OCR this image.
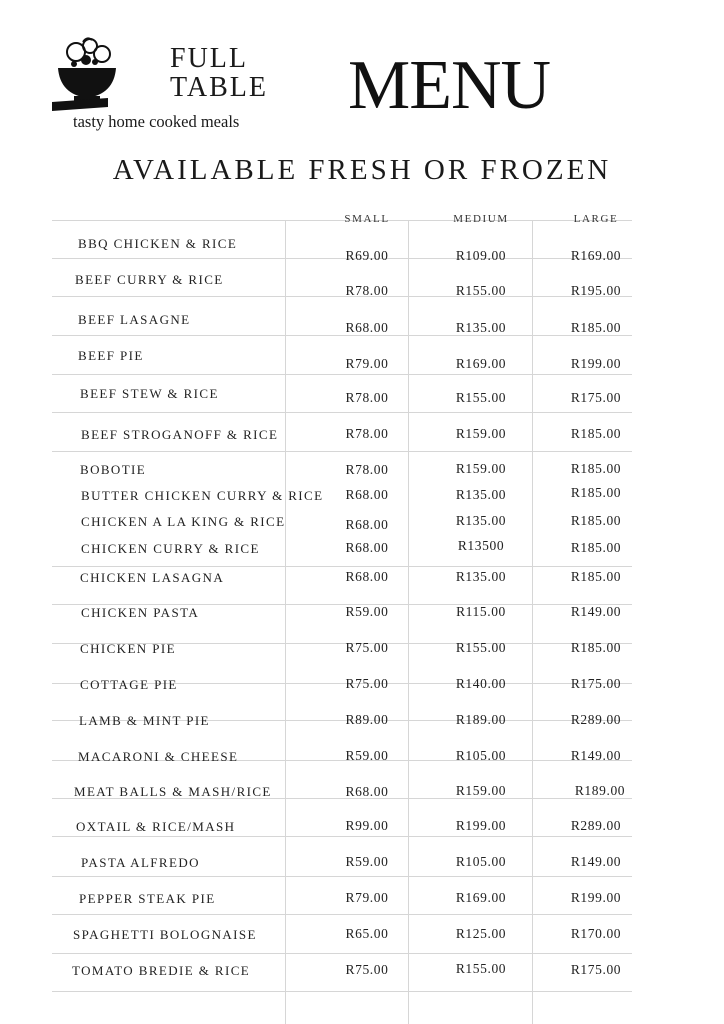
FULL
TABLE
tasty home cooked meals MENU
AVAILABLE FRESH OR FROZEN
SMALL	MEDIUM	LARGE
BBQ CHICKEN & RICE
R69.00	R109.00	R169.00
BEEF CURRY & RICE
R78.00	R155.00	R195.00
BEEF LASAGNE
R68.00	R135.00	R185.00
BEEF PIE
R79.00	R169.00	R199.00
BEEF STEW & RICE	R78.00	R155.00	R175.00
BEEF STROGANOFF & RICE	R78.00	R159.00	R185.00
BOBOTIE	R78.00	R159.00	R185.00
BUTTER CHICKEN CURRY & RICE	R68.00	R135.00	R185.00
CHICKEN A LA KING & RICE	R68.00	R135.00	R185.00
CHICKEN CURRY & RICE	R68.00	R13500	R185.00
CHICKEN LASAGNA	R68.00	R135.00	R185.00
CHICKEN PASTA	R59.00	R115.00	R149.00
CHICKEN PIE	R75.00	R155.00	R185.00
COTTAGE PIE	R75.00	R140.00	R175.00
LAMB & MINT PIE	R89.00	R189.00	R289.00
MACARONI & CHEESE	R59.00	R105.00	R149.00
MEAT BALLS & MASH/RICE	R68.00	R159.00	R189.00
OXTAIL & RICE/MASH	R99.00	R199.00	R289.00
PASTA ALFREDO	R59.00	R105.00	R149.00
PEPPER STEAK PIE	R79.00	R169.00	R199.00
SPAGHETTI BOLOGNAISE	R65.00	R125.00	R170.00
TOMATO BREDIE & RICE	R75.00	R155.00	R175.00
